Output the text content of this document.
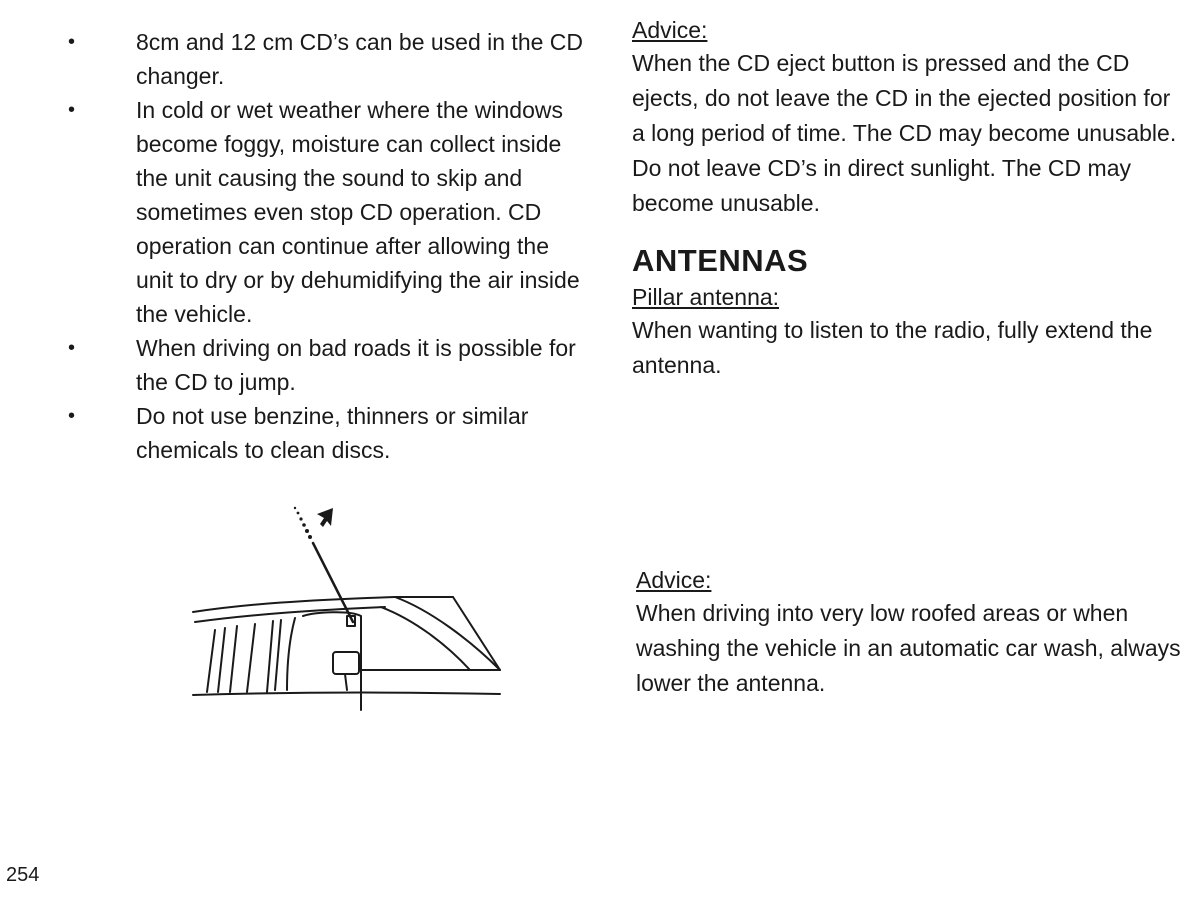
•	8cm and 12 cm CD’s can be used in the CD changer.

•	In cold or wet weather where the windows become foggy, moisture can collect inside the unit causing the sound to skip and sometimes even stop CD operation. CD operation can continue after allowing the unit to dry or by dehumidifying the air inside the vehicle.

•	When driving on bad roads it is possible for the CD to jump.

•	Do not use benzine, thinners or similar chemicals to clean discs.

Advice:

When the CD eject button is pressed and the CD ejects, do not leave the CD in the ejected position for a long period of time. The CD may become unusable.

Do not leave CD’s in direct sunlight. The CD may become unusable.

ANTENNAS

Pillar antenna:

When wanting to listen to the radio, fully extend the antenna.

Advice:

When driving into very low roofed areas or when washing the vehicle in an automatic car wash, always lower the antenna.

254
